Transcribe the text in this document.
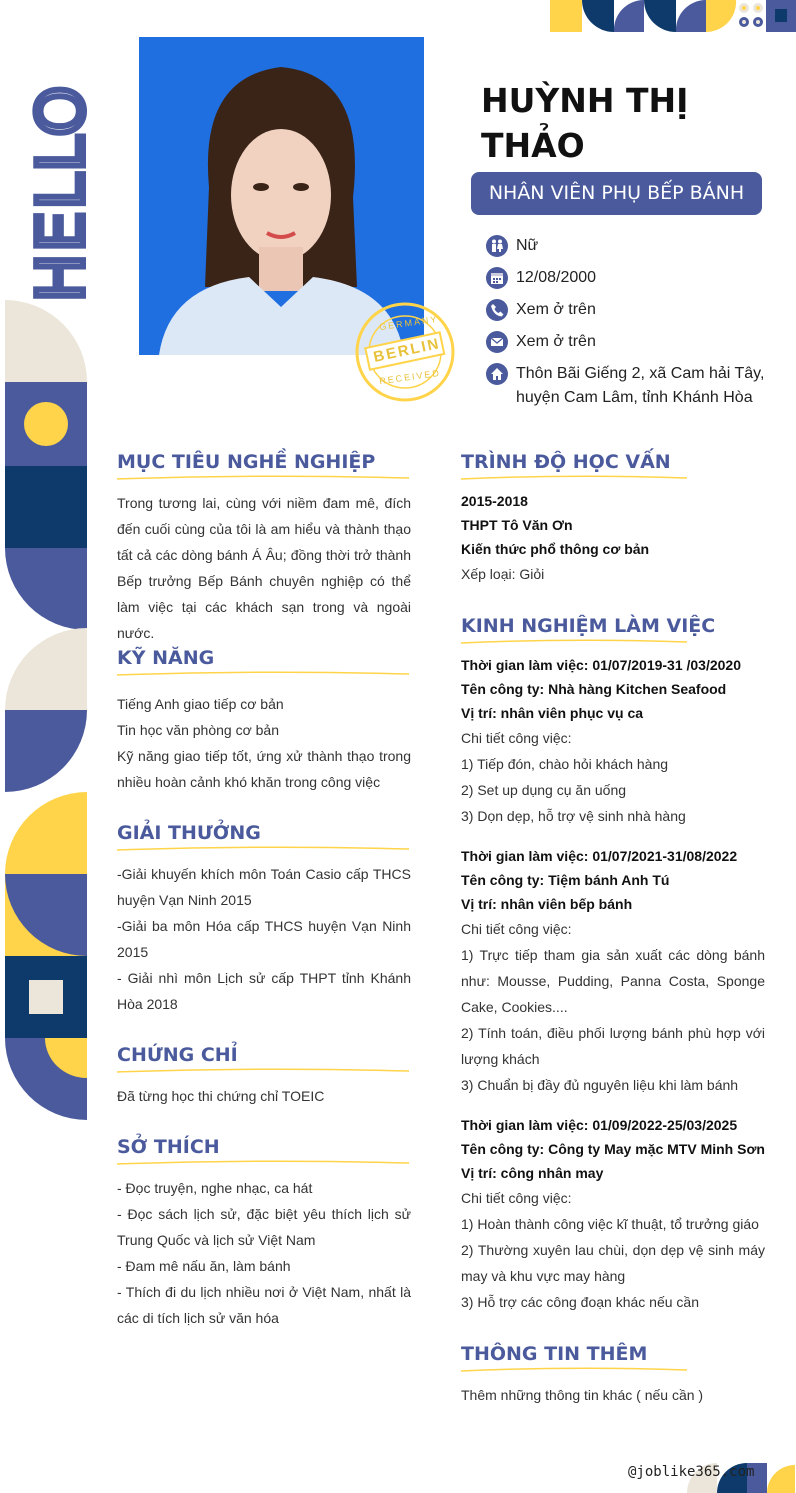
HELLO
GERMANY
BERLIN
RECEIVED
HUỲNH THỊ THẢO
NHÂN VIÊN PHỤ BẾP BÁNH
Nữ
12/08/2000
Xem ở trên
Xem ở trên
Thôn Bãi Giếng 2, xã Cam hải Tây, huyện Cam Lâm, tỉnh Khánh Hòa
MỤC TIÊU NGHỀ NGHIỆP
Trong tương lai, cùng với niềm đam mê, đích đến cuối cùng của tôi là am hiểu và thành thạo tất cả các dòng bánh Á Âu; đồng thời trở thành Bếp trưởng Bếp Bánh chuyên nghiệp có thể làm việc tại các khách sạn trong và ngoài nước.
KỸ NĂNG
Tiếng Anh giao tiếp cơ bản
Tin học văn phòng cơ bản
Kỹ năng giao tiếp tốt, ứng xử thành thạo trong nhiều hoàn cảnh khó khăn trong công việc
GIẢI THƯỞNG
-Giải khuyến khích môn Toán Casio cấp THCS huyện Vạn Ninh 2015
-Giải ba môn Hóa cấp THCS huyện Vạn Ninh 2015
- Giải nhì môn Lịch sử cấp THPT tỉnh Khánh Hòa 2018
CHỨNG CHỈ
Đã từng học thi chứng chỉ TOEIC
SỞ THÍCH
- Đọc truyện, nghe nhạc, ca hát
- Đọc sách lịch sử, đặc biệt yêu thích lịch sử Trung Quốc và lịch sử Việt Nam
- Đam mê nấu ăn, làm bánh
- Thích đi du lịch nhiều nơi ở Việt Nam, nhất là các di tích lịch sử văn hóa
TRÌNH ĐỘ HỌC VẤN
2015-2018
THPT Tô Văn Ơn
Kiến thức phổ thông cơ bản
Xếp loại: Giỏi
KINH NGHIỆM LÀM VIỆC
Thời gian làm việc: 01/07/2019-31 /03/2020
Tên công ty: Nhà hàng Kitchen Seafood
Vị trí: nhân viên phục vụ ca
Chi tiết công việc:
1) Tiếp đón, chào hỏi khách hàng
2) Set up dụng cụ ăn uống
3) Dọn dẹp, hỗ trợ vệ sinh nhà hàng
Thời gian làm việc: 01/07/2021-31/08/2022
Tên công ty: Tiệm bánh Anh Tú
Vị trí: nhân viên bếp bánh
Chi tiết công việc:
1) Trực tiếp tham gia sản xuất các dòng bánh như: Mousse, Pudding, Panna Costa, Sponge Cake, Cookies....
2) Tính toán, điều phối lượng bánh phù hợp với lượng khách
3) Chuẩn bị đầy đủ nguyên liệu khi làm bánh
Thời gian làm việc: 01/09/2022-25/03/2025
Tên công ty: Công ty May mặc MTV Minh Sơn
Vị trí: công nhân may
Chi tiết công việc:
1) Hoàn thành công việc kĩ thuật, tổ trưởng giáo
2) Thường xuyên lau chùi, dọn dẹp vệ sinh máy may và khu vực may hàng
3) Hỗ trợ các công đoạn khác nếu cần
THÔNG TIN THÊM
Thêm những thông tin khác ( nếu cần )
@joblike365.com
